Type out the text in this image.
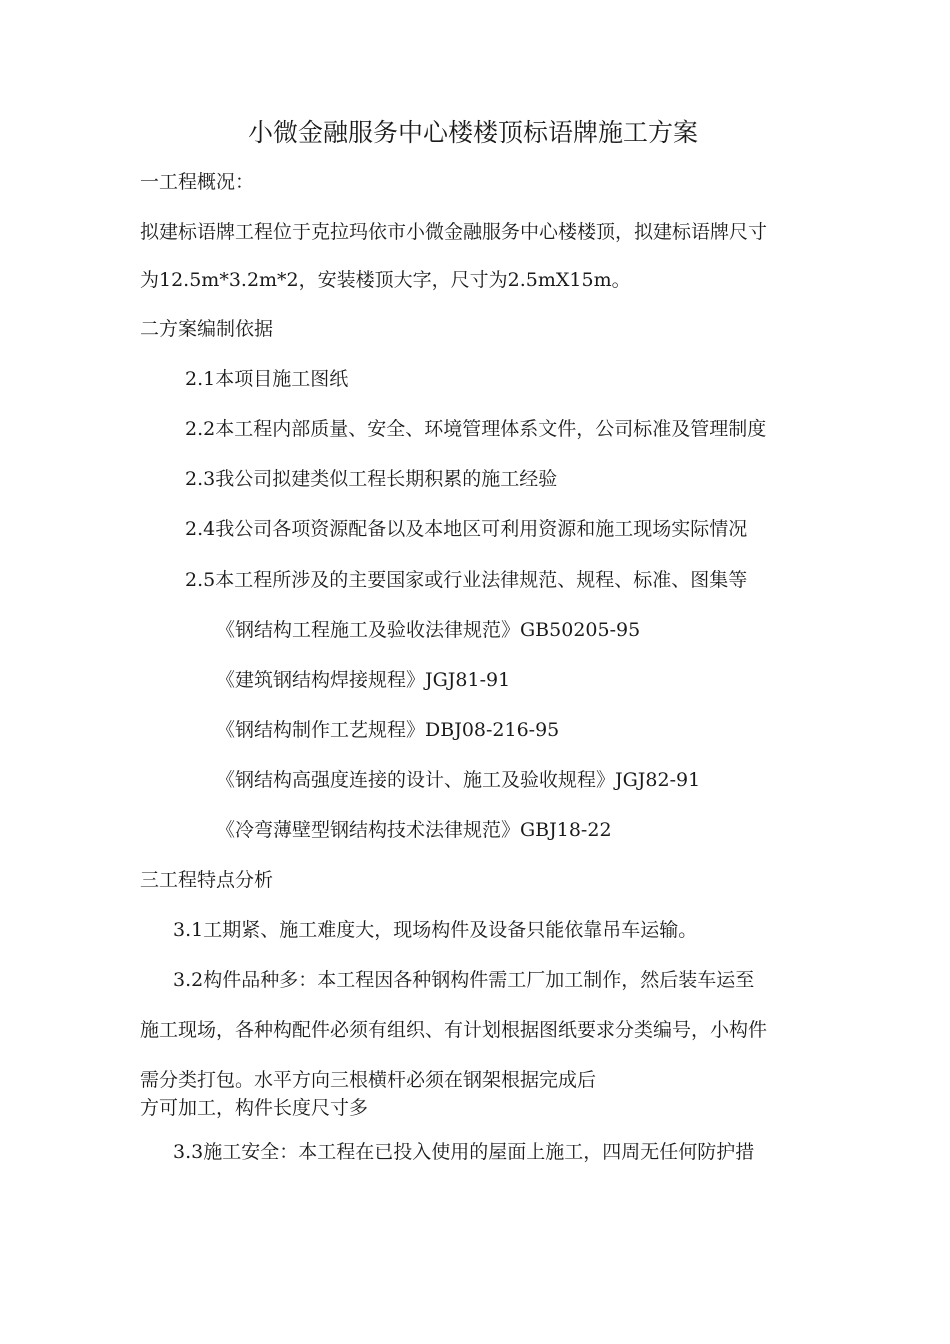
小微金融服务中心楼楼顶标语牌施工方案
一工程概况：
拟建标语牌工程位于克拉玛依市小微金融服务中心楼楼顶，拟建标语牌尺寸
为12.5m*3.2m*2，安装楼顶大字，尺寸为2.5mX15m。
二方案编制依据
2.1本项目施工图纸
2.2本工程内部质量、安全、环境管理体系文件，公司标准及管理制度
2.3我公司拟建类似工程长期积累的施工经验
2.4我公司各项资源配备以及本地区可利用资源和施工现场实际情况
2.5本工程所涉及的主要国家或行业法律规范、规程、标准、图集等
《钢结构工程施工及验收法律规范》GB50205-95
《建筑钢结构焊接规程》JGJ81-91
《钢结构制作工艺规程》DBJ08-216-95
《钢结构高强度连接的设计、施工及验收规程》JGJ82-91
《冷弯薄壁型钢结构技术法律规范》GBJ18-22
三工程特点分析
3.1工期紧、施工难度大，现场构件及设备只能依靠吊车运输。
3.2构件品种多：本工程因各种钢构件需工厂加工制作，然后装车运至
施工现场，各种构配件必须有组织、有计划根据图纸要求分类编号，小构件
需分类打包。水平方向三根横杆必须在钢架根据完成后
方可加工，构件长度尺寸多
3.3施工安全：本工程在已投入使用的屋面上施工，四周无任何防护措
